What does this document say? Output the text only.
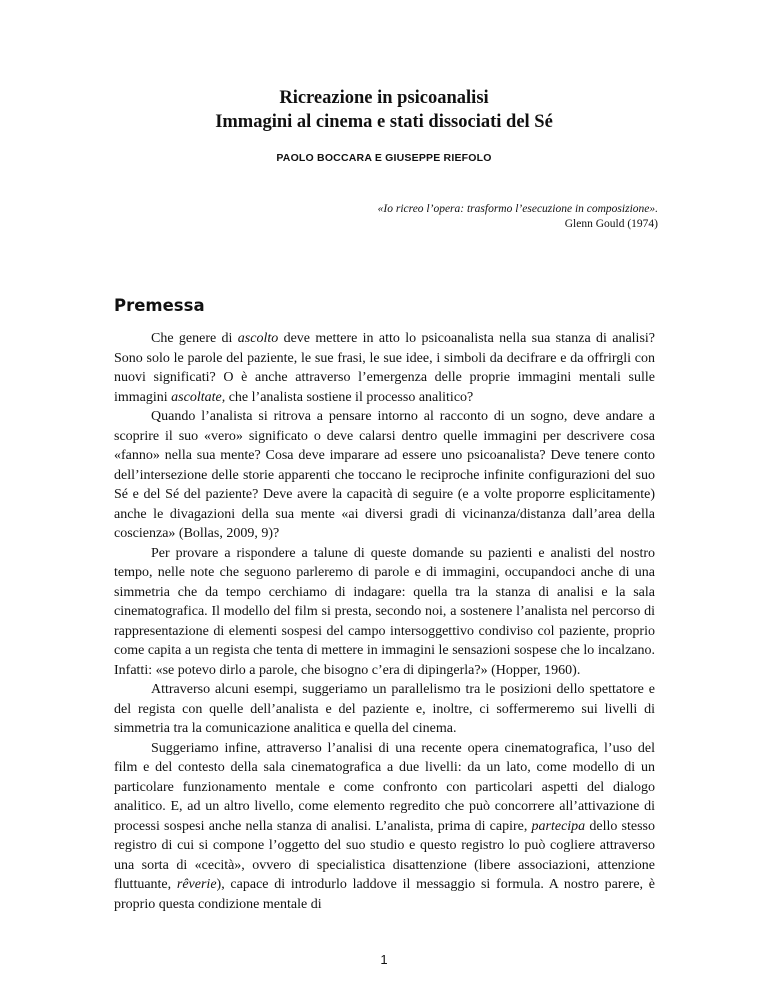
Ricreazione in psicoanalisi
Immagini al cinema e stati dissociati del Sé
PAOLO BOCCARA E GIUSEPPE RIEFOLO
«Io ricreo l’opera: trasformo l’esecuzione in composizione».
Glenn Gould (1974)
Premessa

Che genere di ascolto deve mettere in atto lo psicoanalista nella sua stanza di analisi? Sono solo le parole del paziente, le sue frasi, le sue idee, i simboli da decifrare e da offrirgli con nuovi significati? O è anche attraverso l’emergenza delle proprie immagini mentali sulle immagini ascoltate, che l’analista sostiene il processo analitico?

Quando l’analista si ritrova a pensare intorno al racconto di un sogno, deve andare a scoprire il suo «vero» significato o deve calarsi dentro quelle immagini per descrivere cosa «fanno» nella sua mente? Cosa deve imparare ad essere uno psicoanalista? Deve tenere conto dell’intersezione delle storie apparenti che toccano le reciproche infinite configurazioni del suo Sé e del Sé del paziente? Deve avere la capacità di seguire (e a volte proporre esplicitamente) anche le divagazioni della sua mente «ai diversi gradi di vicinanza/distanza dall’area della coscienza» (Bollas, 2009, 9)?

Per provare a rispondere a talune di queste domande su pazienti e analisti del nostro tempo, nelle note che seguono parleremo di parole e di immagini, occupandoci anche di una simmetria che da tempo cerchiamo di indagare: quella tra la stanza di analisi e la sala cinematografica. Il modello del film si presta, secondo noi, a sostenere l’analista nel percorso di rappresentazione di elementi sospesi del campo intersoggettivo condiviso col paziente, proprio come capita a un regista che tenta di mettere in immagini le sensazioni sospese che lo incalzano. Infatti: «se potevo dirlo a parole, che bisogno c’era di dipingerla?» (Hopper, 1960).

Attraverso alcuni esempi, suggeriamo un parallelismo tra le posizioni dello spettatore e del regista con quelle dell’analista e del paziente e, inoltre, ci soffermeremo sui livelli di simmetria tra la comunicazione analitica e quella del cinema.

Suggeriamo infine, attraverso l’analisi di una recente opera cinematografica, l’uso del film e del contesto della sala cinematografica a due livelli: da un lato, come modello di un particolare funzionamento mentale e come confronto con particolari aspetti del dialogo analitico. E, ad un altro livello, come elemento regredito che può concorrere all’attivazione di processi sospesi anche nella stanza di analisi. L’analista, prima di capire, partecipa dello stesso registro di cui si compone l’oggetto del suo studio e questo registro lo può cogliere attraverso una sorta di «cecità», ovvero di specialistica disattenzione (libere associazioni, attenzione fluttuante, rêverie), capace di introdurlo laddove il messaggio si formula. A nostro parere, è proprio questa condizione mentale di

1
